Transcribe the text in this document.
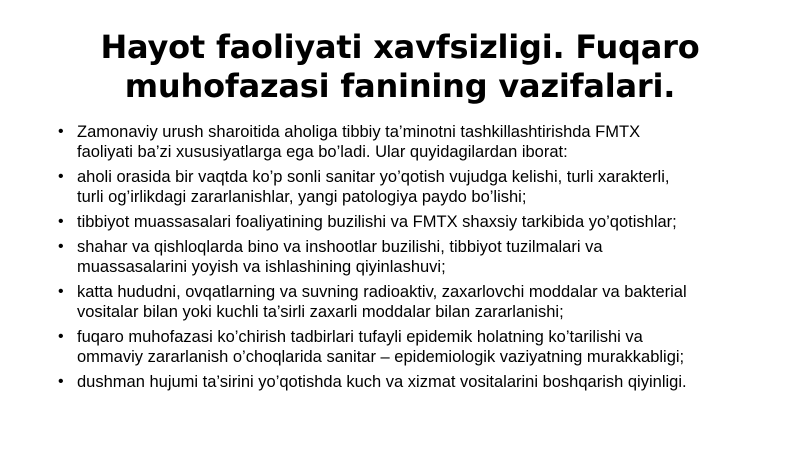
Hayot faoliyati xavfsizligi. Fuqaro
muhofazasi fanining vazifalari.
• Zamonaviy urush sharoitida aholiga tibbiy ta’minotni tashkillashtirishda FMTX
faoliyati ba’zi xususiyatlarga ega bo’ladi. Ular quyidagilardan iborat:
• aholi orasida bir vaqtda ko’p sonli sanitar yo’qotish vujudga kelishi, turli xarakterli,
turli og’irlikdagi zararlanishlar, yangi patologiya paydo bo’lishi;
• tibbiyot muassasalari foaliyatining buzilishi va FMTX shaxsiy tarkibida yo’qotishlar;
• shahar va qishloqlarda bino va inshootlar buzilishi, tibbiyot tuzilmalari va
muassasalarini yoyish va ishlashining qiyinlashuvi;
• katta hududni, ovqatlarning va suvning radioaktiv, zaxarlovchi moddalar va bakterial
vositalar bilan yoki kuchli ta’sirli zaxarli moddalar bilan zararlanishi;
• fuqaro muhofazasi ko’chirish tadbirlari tufayli epidemik holatning ko’tarilishi va
ommaviy zararlanish o’choqlarida sanitar – epidemiologik vaziyatning murakkabligi;
• dushman hujumi ta’sirini yo’qotishda kuch va xizmat vositalarini boshqarish qiyinligi.
